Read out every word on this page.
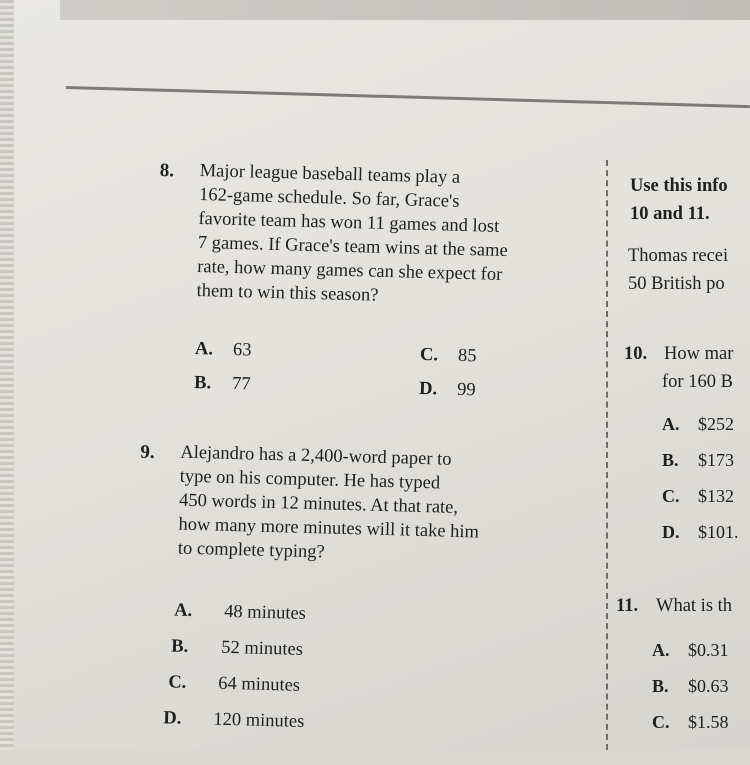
8. Major league baseball teams play a
162-game schedule. So far, Grace's
favorite team has won 11 games and lost
7 games. If Grace's team wins at the same
rate, how many games can she expect for
them to win this season?
A. 63
B. 77
C. 85
D. 99
9. Alejandro has a 2,400-word paper to
type on his computer. He has typed
450 words in 12 minutes. At that rate,
how many more minutes will it take him
to complete typing?
A. 48 minutes
B. 52 minutes
C. 64 minutes
D. 120 minutes
Use this info
10 and 11.
Thomas recei
50 British po
10. How mar
for 160 B
A. $252
B. $173
C. $132
D. $101.
11. What is th
A. $0.31
B. $0.63
C. $1.58
